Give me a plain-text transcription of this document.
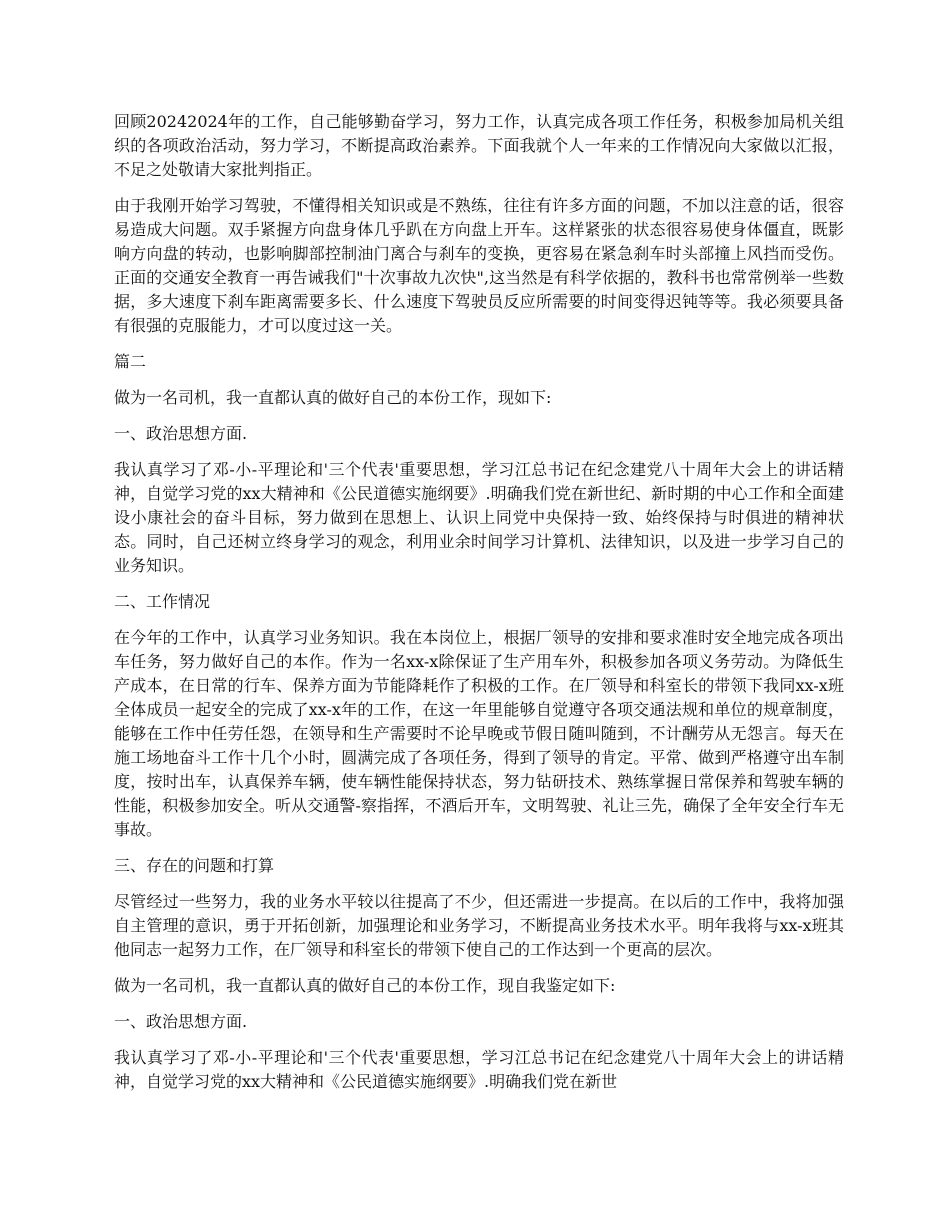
回顾20242024年的工作，自己能够勤奋学习，努力工作，认真完成各项工作任务，积极参加局机关组织的各项政治活动，努力学习，不断提高政治素养。下面我就个人一年来的工作情况向大家做以汇报，不足之处敬请大家批判指正。

由于我刚开始学习驾驶，不懂得相关知识或是不熟练，往往有许多方面的问题，不加以注意的话，很容易造成大问题。双手紧握方向盘身体几乎趴在方向盘上开车。这样紧张的状态很容易使身体僵直，既影响方向盘的转动，也影响脚部控制油门离合与刹车的变换，更容易在紧急刹车时头部撞上风挡而受伤。正面的交通安全教育一再告诫我们"十次事故九次快",这当然是有科学依据的，教科书也常常例举一些数据，多大速度下刹车距离需要多长、什么速度下驾驶员反应所需要的时间变得迟钝等等。我必须要具备有很强的克服能力，才可以度过这一关。

篇二

做为一名司机，我一直都认真的做好自己的本份工作，现如下:

一、政治思想方面.

我认真学习了邓-小-平理论和'三个代表'重要思想，学习江总书记在纪念建党八十周年大会上的讲话精神，自觉学习党的xx大精神和《公民道德实施纲要》.明确我们党在新世纪、新时期的中心工作和全面建设小康社会的奋斗目标，努力做到在思想上、认识上同党中央保持一致、始终保持与时俱进的精神状态。同时，自己还树立终身学习的观念，利用业余时间学习计算机、法律知识，以及进一步学习自己的业务知识。

二、工作情况

在今年的工作中，认真学习业务知识。我在本岗位上，根据厂领导的安排和要求准时安全地完成各项出车任务，努力做好自己的本作。作为一名xx-x除保证了生产用车外，积极参加各项义务劳动。为降低生产成本，在日常的行车、保养方面为节能降耗作了积极的工作。在厂领导和科室长的带领下我同xx-x班全体成员一起安全的完成了xx-x年的工作，在这一年里能够自觉遵守各项交通法规和单位的规章制度，能够在工作中任劳任怨，在领导和生产需要时不论早晚或节假日随叫随到，不计酬劳从无怨言。每天在施工场地奋斗工作十几个小时，圆满完成了各项任务，得到了领导的肯定。平常、做到严格遵守出车制度，按时出车，认真保养车辆，使车辆性能保持状态，努力钻研技术、熟练掌握日常保养和驾驶车辆的性能，积极参加安全。听从交通警-察指挥，不酒后开车，文明驾驶、礼让三先，确保了全年安全行车无事故。

三、存在的问题和打算

尽管经过一些努力，我的业务水平较以往提高了不少，但还需进一步提高。在以后的工作中，我将加强自主管理的意识，勇于开拓创新，加强理论和业务学习，不断提高业务技术水平。明年我将与xx-x班其他同志一起努力工作，在厂领导和科室长的带领下使自己的工作达到一个更高的层次。

做为一名司机，我一直都认真的做好自己的本份工作，现自我鉴定如下:

一、政治思想方面.

我认真学习了邓-小-平理论和'三个代表'重要思想，学习江总书记在纪念建党八十周年大会上的讲话精神，自觉学习党的xx大精神和《公民道德实施纲要》.明确我们党在新世
